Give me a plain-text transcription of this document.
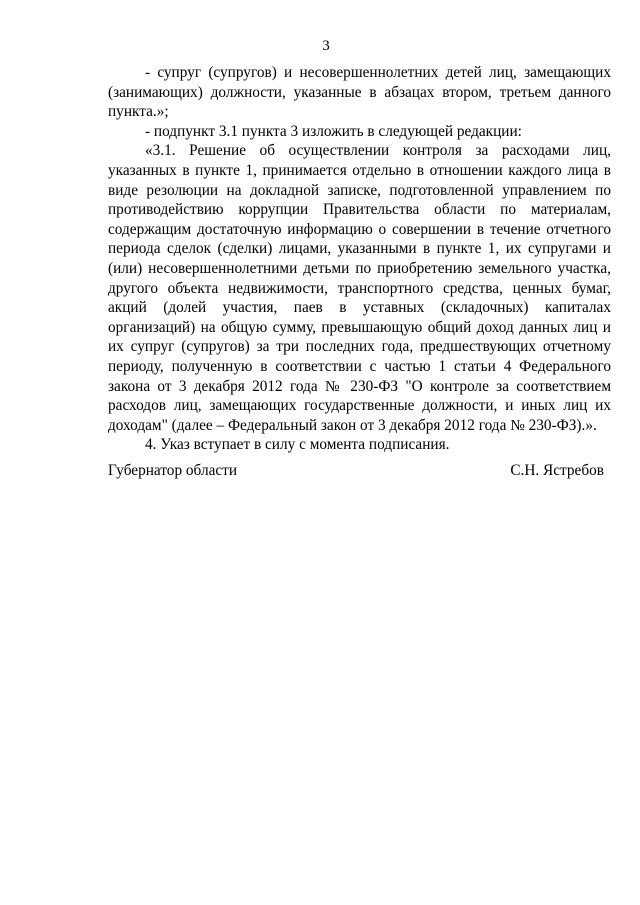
3

- супруг (супругов) и несовершеннолетних детей лиц, замещающих (занимающих) должности, указанные в абзацах втором, третьем данного пункта.»;

- подпункт 3.1 пункта 3 изложить в следующей редакции:

«3.1. Решение об осуществлении контроля за расходами лиц, указанных в пункте 1, принимается отдельно в отношении каждого лица в виде резолюции на докладной записке, подготовленной управлением по противодействию коррупции Правительства области по материалам, содержащим достаточную информацию о совершении в течение отчетного периода сделок (сделки) лицами, указанными в пункте 1, их супругами и (или) несовершеннолетними детьми по приобретению земельного участка, другого объекта недвижимости, транспортного средства, ценных бумаг, акций (долей участия, паев в уставных (складочных) капиталах организаций) на общую сумму, превышающую общий доход данных лиц и их супруг (супругов) за три последних года, предшествующих отчетному периоду, полученную в соответствии с частью 1 статьи 4 Федерального закона от 3 декабря 2012 года № 230-ФЗ "О контроле за соответствием расходов лиц, замещающих государственные должности, и иных лиц их доходам" (далее – Федеральный закон от 3 декабря 2012 года № 230-ФЗ).».

4. Указ вступает в силу с момента подписания.

Губернатор области	С.Н. Ястребов
